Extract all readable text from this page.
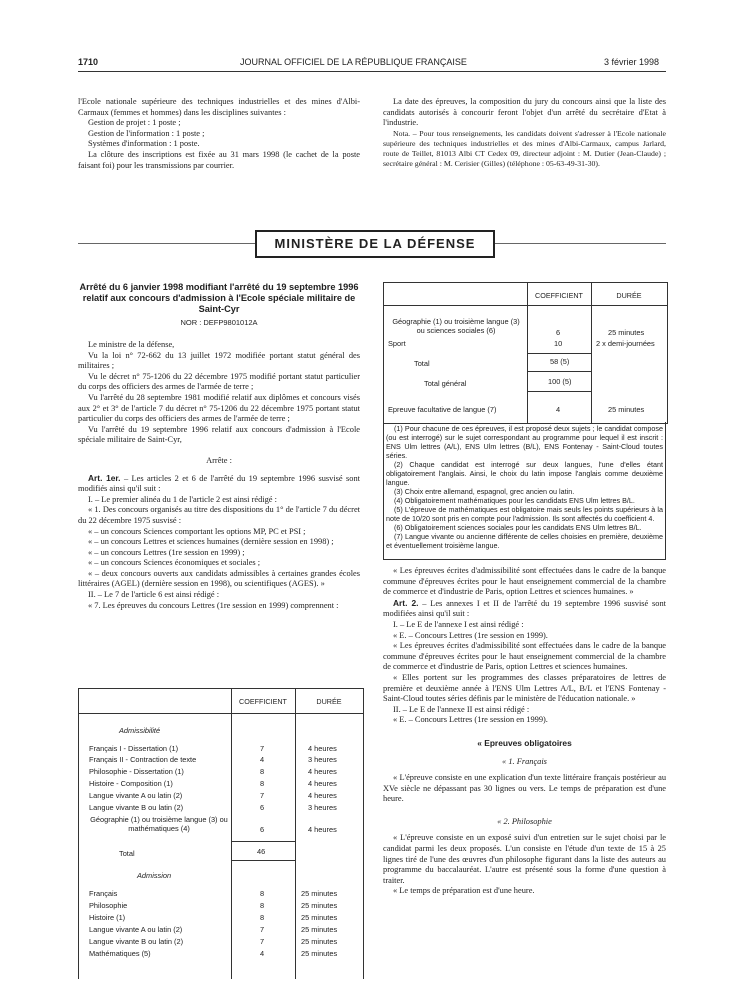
1710	JOURNAL OFFICIEL DE LA RÉPUBLIQUE FRANÇAISE	3 février 1998

l'Ecole nationale supérieure des techniques industrielles et des mines d'Albi-Carmaux (femmes et hommes) dans les disciplines suivantes :

Gestion de projet : 1 poste ;

Gestion de l'information : 1 poste ;

Systèmes d'information : 1 poste.

La clôture des inscriptions est fixée au 31 mars 1998 (le cachet de la poste faisant foi) pour les transmissions par courrier.

La date des épreuves, la composition du jury du concours ainsi que la liste des candidats autorisés à concourir feront l'objet d'un arrêté du secrétaire d'Etat à l'industrie.

Nota. – Pour tous renseignements, les candidats doivent s'adresser à l'Ecole nationale supérieure des techniques industrielles et des mines d'Albi-Carmaux, campus Jarlard, route de Teillet, 81013 Albi CT Cedex 09, directeur adjoint : M. Dutier (Jean-Claude) ; secrétaire général : M. Cerisier (Gilles) (téléphone : 05-63-49-31-30).

MINISTÈRE DE LA DÉFENSE

Arrêté du 6 janvier 1998 modifiant l'arrêté du 19 septembre 1996 relatif aux concours d'admission à l'Ecole spéciale militaire de Saint-Cyr

NOR : DEFP9801012A

Le ministre de la défense,

Vu la loi n° 72-662 du 13 juillet 1972 modifiée portant statut général des militaires ;

Vu le décret n° 75-1206 du 22 décembre 1975 modifié portant statut particulier du corps des officiers des armes de l'armée de terre ;

Vu l'arrêté du 28 septembre 1981 modifié relatif aux diplômes et concours visés aux 2° et 3° de l'article 7 du décret n° 75-1206 du 22 décembre 1975 portant statut particulier du corps des officiers des armes de l'armée de terre ;

Vu l'arrêté du 19 septembre 1996 relatif aux concours d'admission à l'Ecole spéciale militaire de Saint-Cyr,

Arrête :

Art. 1er. – Les articles 2 et 6 de l'arrêté du 19 septembre 1996 susvisé sont modifiés ainsi qu'il suit :

I. – Le premier alinéa du 1 de l'article 2 est ainsi rédigé :

« 1. Des concours organisés au titre des dispositions du 1° de l'article 7 du décret du 22 décembre 1975 susvisé :

« – un concours Sciences comportant les options MP, PC et PSI ;

« – un concours Lettres et sciences humaines (dernière session en 1998) ;

« – un concours Lettres (1re session en 1999) ;

« – un concours Sciences économiques et sociales ;

« – deux concours ouverts aux candidats admissibles à certaines grandes écoles littéraires (AGEL) (dernière session en 1998), ou scientifiques (AGES). »

II. – Le 7 de l'article 6 est ainsi rédigé :

« 7. Les épreuves du concours Lettres (1re session en 1999) comprennent :

COEFFICIENT	DURÉE
Admissibilité
Français I - Dissertation (1)	7	4 heures
Français II - Contraction de texte	4	3 heures
Philosophie - Dissertation (1)	8	4 heures
Histoire - Composition (1)	8	4 heures
Langue vivante A ou latin (2)	7	4 heures
Langue vivante B ou latin (2)	6	3 heures
Géographie (1) ou troisième langue (3) ou mathématiques (4)	6	4 heures
Total	46
Admission
Français	8	25 minutes
Philosophie	8	25 minutes
Histoire (1)	8	25 minutes
Langue vivante A ou latin (2)	7	25 minutes
Langue vivante B ou latin (2)	7	25 minutes
Mathématiques (5)	4	25 minutes
COEFFICIENT	DURÉE
Géographie (1) ou troisième langue (3) ou sciences sociales (6)	6	25 minutes
Sport	10	2 x demi-journées
Total	58 (5)
Total général	100 (5)
Epreuve facultative de langue (7)	4	25 minutes

(1) Pour chacune de ces épreuves, il est proposé deux sujets ; le candidat compose (ou est interrogé) sur le sujet correspondant au programme pour lequel il est inscrit : ENS Ulm lettres (A/L), ENS Ulm lettres (B/L), ENS Fontenay - Saint-Cloud toutes séries.

(2) Chaque candidat est interrogé sur deux langues, l'une d'elles étant obligatoirement l'anglais. Ainsi, le choix du latin impose l'anglais comme deuxième langue.

(3) Choix entre allemand, espagnol, grec ancien ou latin.

(4) Obligatoirement mathématiques pour les candidats ENS Ulm lettres B/L.

(5) L'épreuve de mathématiques est obligatoire mais seuls les points supérieurs à la note de 10/20 sont pris en compte pour l'admission. Ils sont affectés du coefficient 4.

(6) Obligatoirement sciences sociales pour les candidats ENS Ulm lettres B/L.

(7) Langue vivante ou ancienne différente de celles choisies en première, deuxième et éventuellement troisième langue.

« Les épreuves écrites d'admissibilité sont effectuées dans le cadre de la banque commune d'épreuves écrites pour le haut enseignement commercial de la chambre de commerce et d'industrie de Paris, option Lettres et sciences humaines. »

Art. 2. – Les annexes I et II de l'arrêté du 19 septembre 1996 susvisé sont modifiées ainsi qu'il suit :

I. – Le E de l'annexe I est ainsi rédigé :

« E. – Concours Lettres (1re session en 1999).

« Les épreuves écrites d'admissibilité sont effectuées dans le cadre de la banque commune d'épreuves écrites pour le haut enseignement commercial de la chambre de commerce et d'industrie de Paris, option Lettres et sciences humaines.

« Elles portent sur les programmes des classes préparatoires de lettres de première et deuxième année à l'ENS Ulm Lettres A/L, B/L et l'ENS Fontenay - Saint-Cloud toutes séries définis par le ministère de l'éducation nationale. »

II. – Le E de l'annexe II est ainsi rédigé :

« E. – Concours Lettres (1re session en 1999).

« Epreuves obligatoires

« 1. Français

« L'épreuve consiste en une explication d'un texte littéraire français postérieur au XVe siècle ne dépassant pas 30 lignes ou vers. Le temps de préparation est d'une heure.

« 2. Philosophie

« L'épreuve consiste en un exposé suivi d'un entretien sur le sujet choisi par le candidat parmi les deux proposés. L'un consiste en l'étude d'un texte de 15 à 25 lignes tiré de l'une des œuvres d'un philosophe figurant dans la liste des auteurs au programme du baccalauréat. L'autre est présenté sous la forme d'une question à traiter.

« Le temps de préparation est d'une heure.
